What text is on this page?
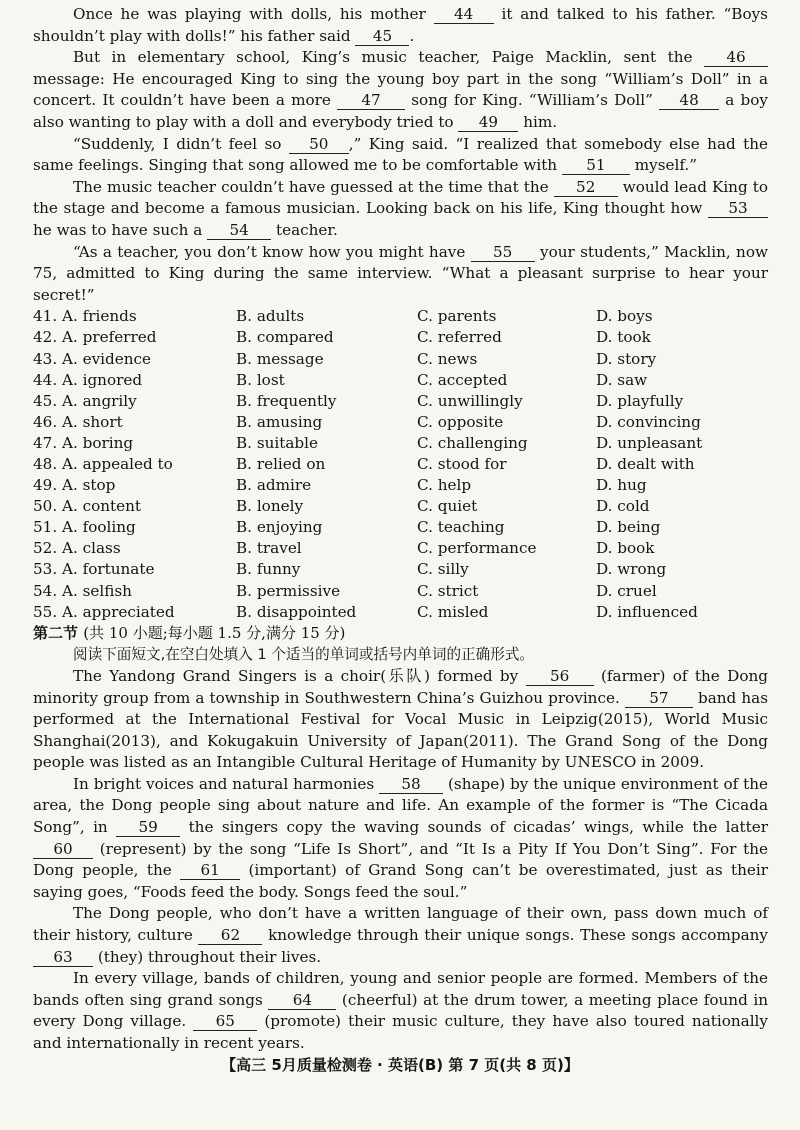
Once he was playing with dolls, his mother 44 it and talked to his father. “Boys shouldn’t play with dolls!” his father said 45 .

But in elementary school, King’s music teacher, Paige Macklin, sent the 46 message: He encouraged King to sing the young boy part in the song “William’s Doll” in a concert. It couldn’t have been a more 47 song for King. “William’s Doll” 48 a boy also wanting to play with a doll and everybody tried to 49 him.

“Suddenly, I didn’t feel so 50 ,” King said. “I realized that somebody else had the same feelings. Singing that song allowed me to be comfortable with 51 myself.”

The music teacher couldn’t have guessed at the time that the 52 would lead King to the stage and become a famous musician. Looking back on his life, King thought how 53 he was to have such a 54 teacher.

“As a teacher, you don’t know how you might have 55 your students,” Macklin, now 75, admitted to King during the same interview. “What a pleasant surprise to hear your secret!”

41. A. friends	B. adults	C. parents	D. boys
42. A. preferred	B. compared	C. referred	D. took
43. A. evidence	B. message	C. news	D. story
44. A. ignored	B. lost	C. accepted	D. saw
45. A. angrily	B. frequently	C. unwillingly	D. playfully
46. A. short	B. amusing	C. opposite	D. convincing
47. A. boring	B. suitable	C. challenging	D. unpleasant
48. A. appealed to	B. relied on	C. stood for	D. dealt with
49. A. stop	B. admire	C. help	D. hug
50. A. content	B. lonely	C. quiet	D. cold
51. A. fooling	B. enjoying	C. teaching	D. being
52. A. class	B. travel	C. performance	D. book
53. A. fortunate	B. funny	C. silly	D. wrong
54. A. selfish	B. permissive	C. strict	D. cruel
55. A. appreciated	B. disappointed	C. misled	D. influenced

第二节 (共 10 小题;每小题 1.5 分,满分 15 分)

阅读下面短文,在空白处填入 1 个适当的单词或括号内单词的正确形式。

The Yandong Grand Singers is a choir(乐队) formed by 56 (farmer) of the Dong minority group from a township in Southwestern China’s Guizhou province. 57 band has performed at the International Festival for Vocal Music in Leipzig(2015), World Music Shanghai(2013), and Kokugakuin University of Japan(2011). The Grand Song of the Dong people was listed as an Intangible Cultural Heritage of Humanity by UNESCO in 2009.

In bright voices and natural harmonies 58 (shape) by the unique environment of the area, the Dong people sing about nature and life. An example of the former is “The Cicada Song”, in 59 the singers copy the waving sounds of cicadas’ wings, while the latter 60 (represent) by the song “Life Is Short”, and “It Is a Pity If You Don’t Sing”. For the Dong people, the 61 (important) of Grand Song can’t be overestimated, just as their saying goes, “Foods feed the body. Songs feed the soul.”

The Dong people, who don’t have a written language of their own, pass down much of their history, culture 62 knowledge through their unique songs. These songs accompany 63 (they) throughout their lives.

In every village, bands of children, young and senior people are formed. Members of the bands often sing grand songs 64 (cheerful) at the drum tower, a meeting place found in every Dong village. 65 (promote) their music culture, they have also toured nationally and internationally in recent years.

【高三 5月质量检测卷 · 英语(B) 第 7 页(共 8 页)】
